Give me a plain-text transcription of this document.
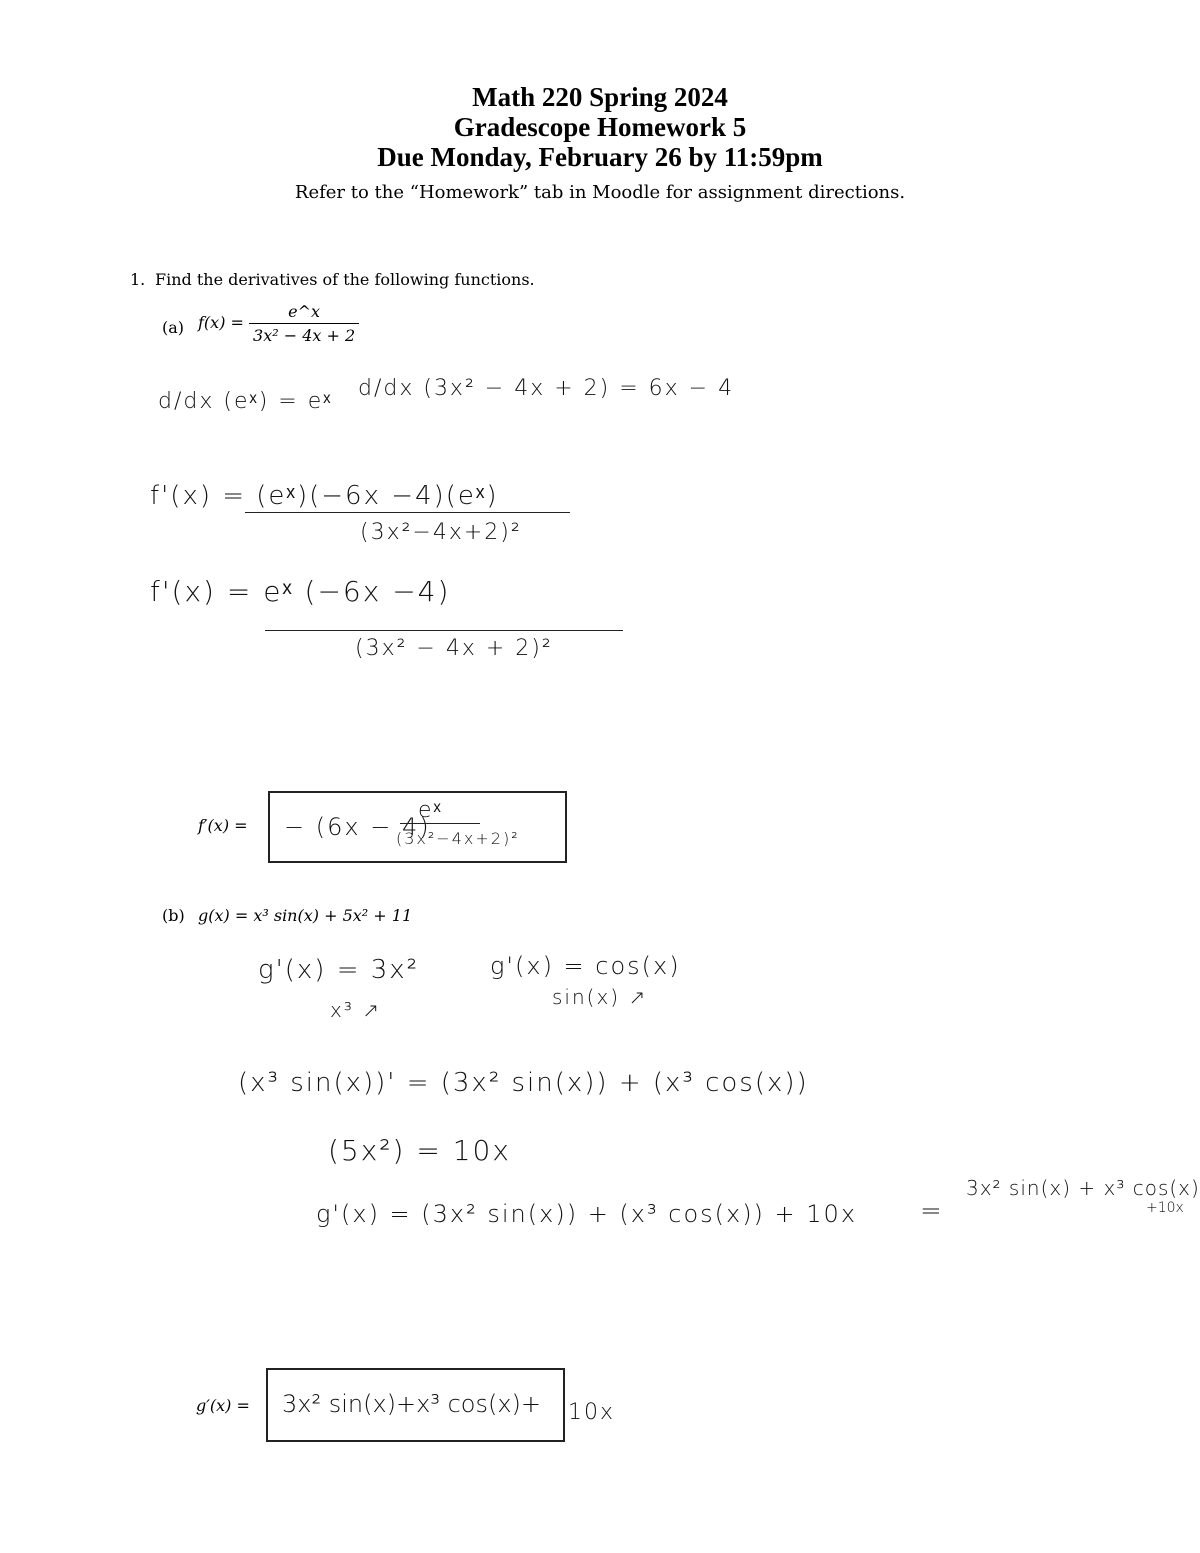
Math 220 Spring 2024
Gradescope Homework 5
Due Monday, February 26 by 11:59pm
Refer to the “Homework” tab in Moodle for assignment directions.
1. Find the derivatives of the following functions.
(a) $f(x) = \frac{e\^{}x}{\text{3x² − 4x + 2}}$
d/dx (eˣ) = eˣ
d/dx (3x² − 4x + 2) = 6x − 4
f'(x) = (eˣ)(−6x −4)(eˣ)
(3x²−4x+2)²
f'(x) = eˣ (−6x −4)
(3x² − 4x + 2)²
f′(x) = − (6x − 4)
eˣ
(3x²−4x+2)²
(b) g(x) = x³ sin(x) + 5x² + 11
g'(x) = 3x²
x³ ↗
g'(x) = cos(x)
sin(x) ↗
(x³ sin(x))' = (3x² sin(x)) + (x³ cos(x))
(5x²) = 10x
g'(x) = (3x² sin(x)) + (x³ cos(x)) + 10x =
3x² sin(x) + x³ cos(x)
+10x
g′(x) = 3x² sin(x)+x³ cos(x)+ 10x
